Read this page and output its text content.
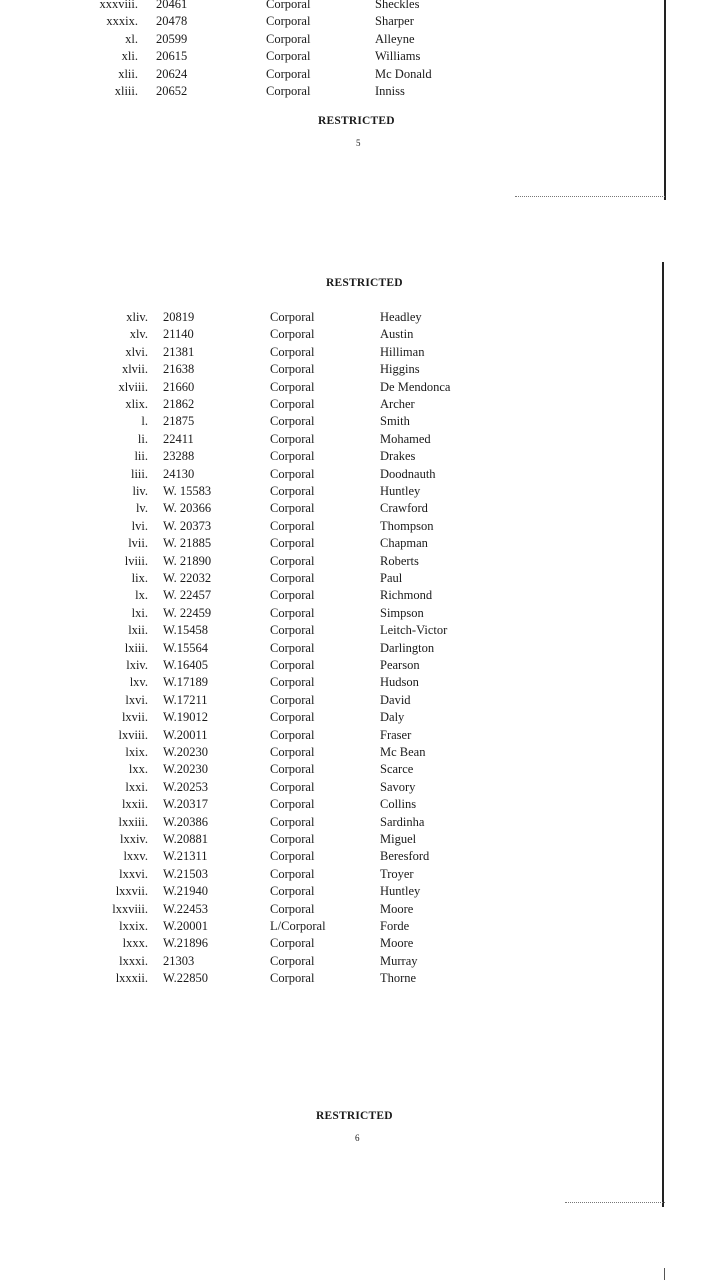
xxxviii. 20461	Corporal	Sheckles
xxxix. 20478	Corporal	Sharper
xl. 20599	Corporal	Alleyne
xli. 20615	Corporal	Williams
xlii. 20624	Corporal	Mc Donald
xliii. 20652	Corporal	Inniss
RESTRICTED
5
RESTRICTED
xliv. 20819	Corporal	Headley
xlv. 21140	Corporal	Austin
xlvi. 21381	Corporal	Hilliman
xlvii. 21638	Corporal	Higgins
xlviii. 21660	Corporal	De Mendonca
xlix. 21862	Corporal	Archer
l. 21875	Corporal	Smith
li. 22411	Corporal	Mohamed
lii. 23288	Corporal	Drakes
liii. 24130	Corporal	Doodnauth
liv. W. 15583	Corporal	Huntley
lv. W. 20366	Corporal	Crawford
lvi. W. 20373	Corporal	Thompson
lvii. W. 21885	Corporal	Chapman
lviii. W. 21890	Corporal	Roberts
lix. W. 22032	Corporal	Paul
lx. W. 22457	Corporal	Richmond
lxi. W. 22459	Corporal	Simpson
lxii. W.15458	Corporal	Leitch-Victor
lxiii. W.15564	Corporal	Darlington
lxiv. W.16405	Corporal	Pearson
lxv. W.17189	Corporal	Hudson
lxvi. W.17211	Corporal	David
lxvii. W.19012	Corporal	Daly
lxviii. W.20011	Corporal	Fraser
lxix. W.20230	Corporal	Mc Bean
lxx. W.20230	Corporal	Scarce
lxxi. W.20253	Corporal	Savory
lxxii. W.20317	Corporal	Collins
lxxiii. W.20386	Corporal	Sardinha
lxxiv. W.20881	Corporal	Miguel
lxxv. W.21311	Corporal	Beresford
lxxvi. W.21503	Corporal	Troyer
lxxvii. W.21940	Corporal	Huntley
lxxviii. W.22453	Corporal	Moore
lxxix. W.20001	L/Corporal	Forde
lxxx. W.21896	Corporal	Moore
lxxxi. 21303	Corporal	Murray
lxxxii. W.22850	Corporal	Thorne
RESTRICTED
6
